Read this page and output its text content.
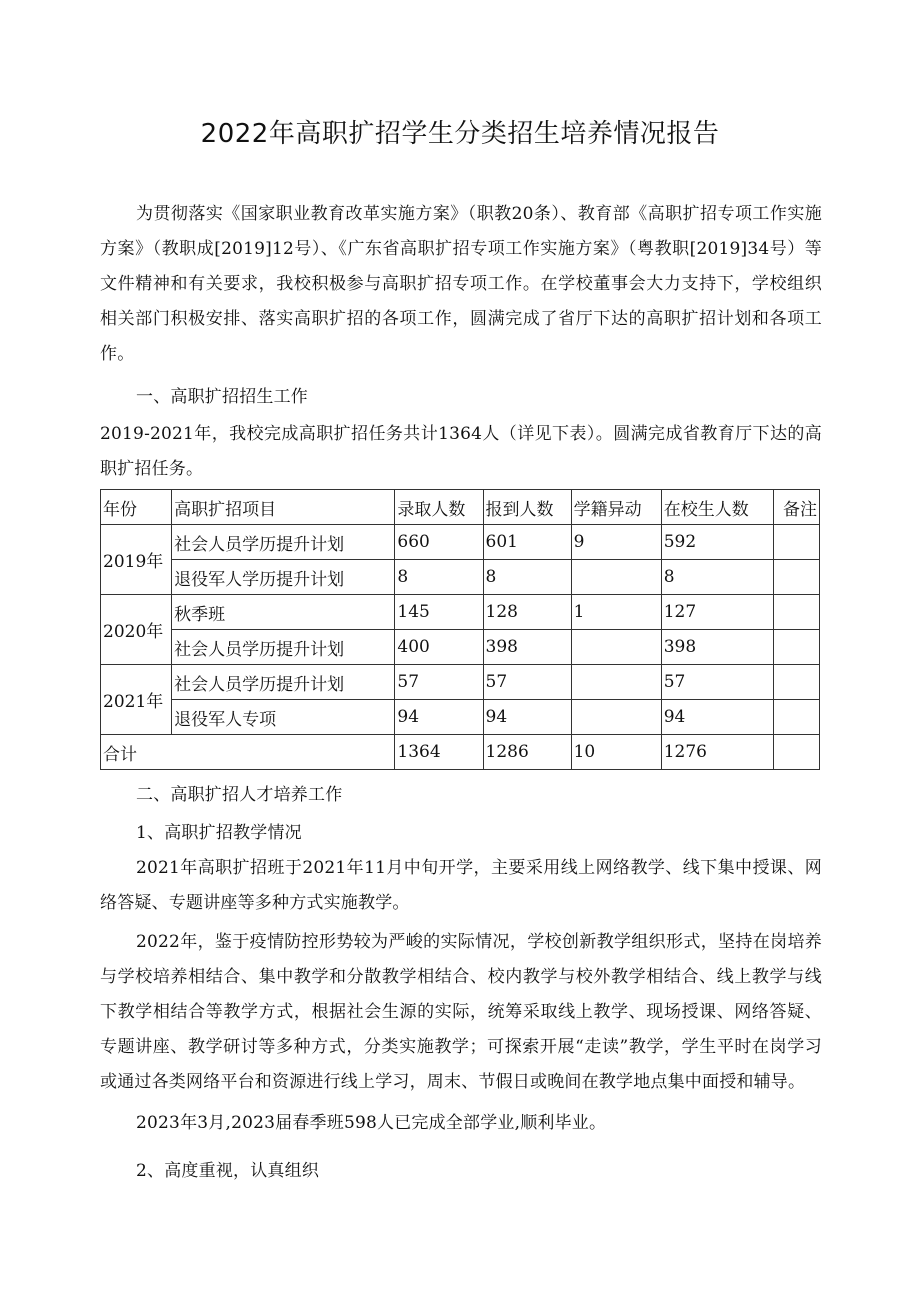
2022年高职扩招学生分类招生培养情况报告
为贯彻落实《国家职业教育改革实施方案》（职教20条）、教育部《高职扩招专项工作实施方案》（教职成[2019]12号）、《广东省高职扩招专项工作实施方案》（粤教职[2019]34号）等文件精神和有关要求，我校积极参与高职扩招专项工作。在学校董事会大力支持下，学校组织相关部门积极安排、落实高职扩招的各项工作，圆满完成了省厅下达的高职扩招计划和各项工作。
一、高职扩招招生工作
2019-2021年，我校完成高职扩招任务共计1364人（详见下表）。圆满完成省教育厅下达的高职扩招任务。
年份	高职扩招项目	录取人数	报到人数	学籍异动	在校生人数	备注
2019年	社会人员学历提升计划	660	601	9	592	
	退役军人学历提升计划	8	8		8	
2020年	秋季班	145	128	1	127	
	社会人员学历提升计划	400	398		398	
2021年	社会人员学历提升计划	57	57		57	
	退役军人专项	94	94		94	
合计		1364	1286	10	1276	
二、高职扩招人才培养工作
1、高职扩招教学情况
2021年高职扩招班于2021年11月中旬开学，主要采用线上网络教学、线下集中授课、网络答疑、专题讲座等多种方式实施教学。
2022年，鉴于疫情防控形势较为严峻的实际情况，学校创新教学组织形式，坚持在岗培养与学校培养相结合、集中教学和分散教学相结合、校内教学与校外教学相结合、线上教学与线下教学相结合等教学方式，根据社会生源的实际，统筹采取线上教学、现场授课、网络答疑、专题讲座、教学研讨等多种方式，分类实施教学；可探索开展“走读”教学，学生平时在岗学习或通过各类网络平台和资源进行线上学习，周末、节假日或晚间在教学地点集中面授和辅导。
2023年3月,2023届春季班598人已完成全部学业,顺利毕业。
2、高度重视，认真组织
